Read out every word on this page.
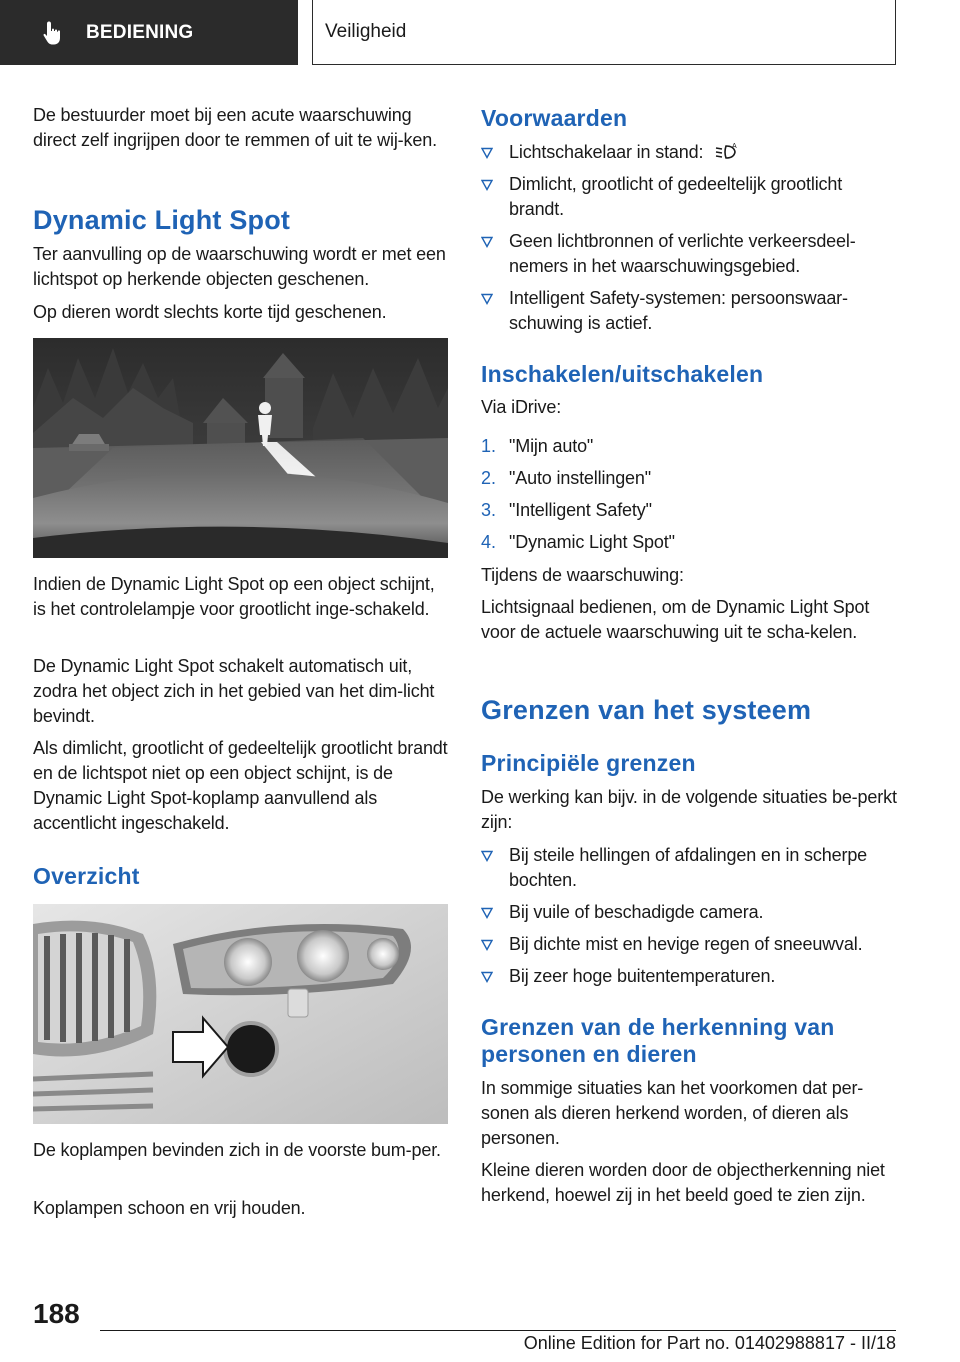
BEDIENING	Veiligheid

De bestuurder moet bij een acute waarschuwing direct zelf ingrijpen door te remmen of uit te wij-ken.

Dynamic Light Spot

Ter aanvulling op de waarschuwing wordt er met een lichtspot op herkende objecten geschenen.

Op dieren wordt slechts korte tijd geschenen.

Indien de Dynamic Light Spot op een object schijnt, is het controlelampje voor grootlicht inge-schakeld.

De Dynamic Light Spot schakelt automatisch uit, zodra het object zich in het gebied van het dim-licht bevindt.

Als dimlicht, grootlicht of gedeeltelijk grootlicht brandt en de lichtspot niet op een object schijnt, is de Dynamic Light Spot-koplamp aanvullend als accentlicht ingeschakeld.

Overzicht

De koplampen bevinden zich in de voorste bum-per.

Koplampen schoon en vrij houden.

Voorwaarden
Lichtschakelaar in stand:	A
Dimlicht, grootlicht of gedeeltelijk grootlicht brandt.
Geen lichtbronnen of verlichte verkeersdeel-nemers in het waarschuwingsgebied.
Intelligent Safety-systemen: persoonswaar-schuwing is actief.
Inschakelen/uitschakelen

Via iDrive:

1. "Mijn auto"
2. "Auto instellingen"
3. "Intelligent Safety"
4. "Dynamic Light Spot"

Tijdens de waarschuwing:

Lichtsignaal bedienen, om de Dynamic Light Spot voor de actuele waarschuwing uit te scha-kelen.

Grenzen van het systeem
Principiële grenzen

De werking kan bijv. in de volgende situaties be-perkt zijn:

Bij steile hellingen of afdalingen en in scherpe bochten.
Bij vuile of beschadigde camera.
Bij dichte mist en hevige regen of sneeuwval.
Bij zeer hoge buitentemperaturen.
Grenzen van de herkenning van
personen en dieren

In sommige situaties kan het voorkomen dat per-sonen als dieren herkend worden, of dieren als personen.

Kleine dieren worden door de objectherkenning niet herkend, hoewel zij in het beeld goed te zien zijn.

188
Online Edition for Part no. 01402988817 - II/18
